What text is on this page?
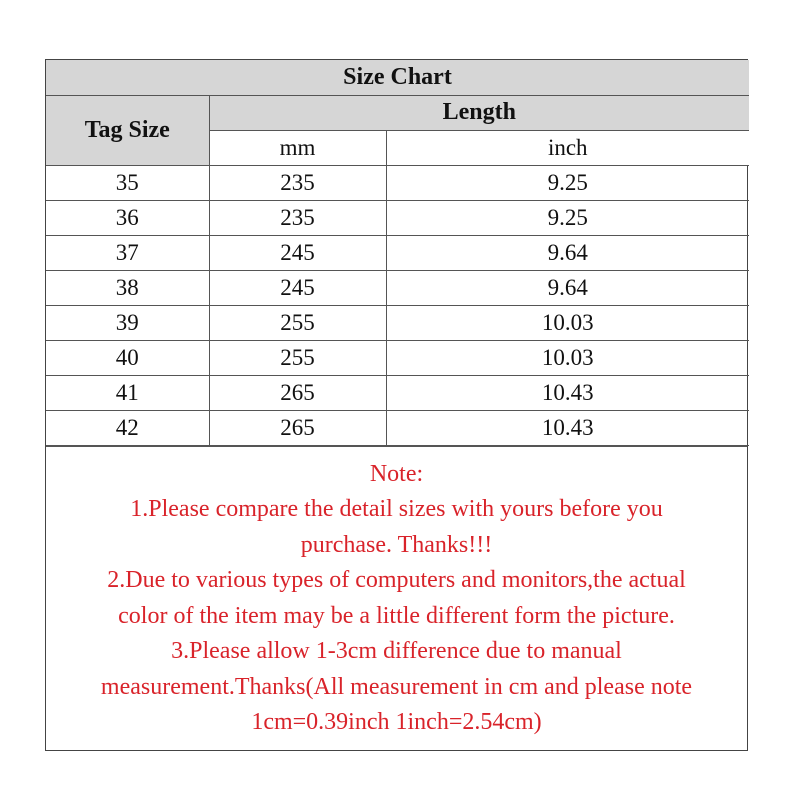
Size Chart		
Tag Size	Length	
	mm	inch
35	235	9.25
36	235	9.25
37	245	9.64
38	245	9.64
39	255	10.03
40	255	10.03
41	265	10.43
42	265	10.43
Note:
1.Please compare the detail sizes with yours before you
purchase. Thanks!!!
2.Due to various types of computers and monitors,the actual
color of the item may be a little different form the picture.
3.Please allow 1-3cm difference due to manual
measurement.Thanks(All measurement in cm and please note
1cm=0.39inch 1inch=2.54cm)
